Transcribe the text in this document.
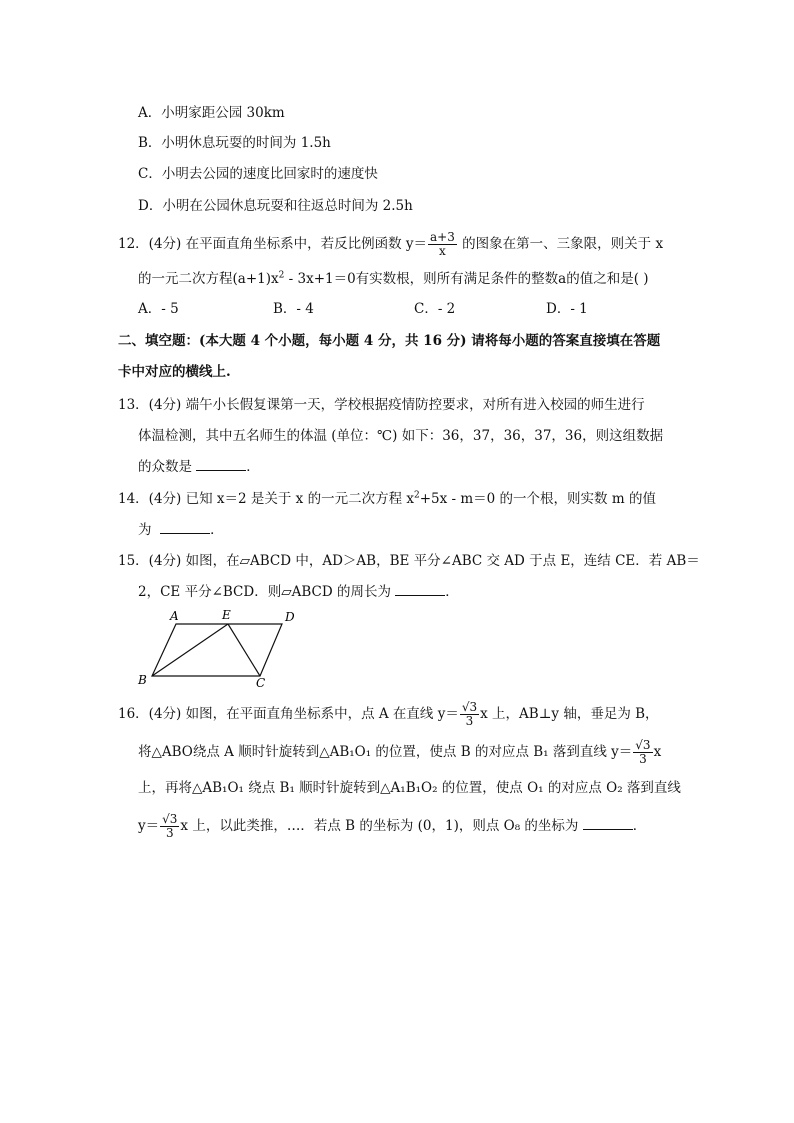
A．小明家距公园 30km
B．小明休息玩耍的时间为 1.5h
C．小明去公园的速度比回家时的速度快
D．小明在公园休息玩耍和往返总时间为 2.5h
12．(4分) 在平面直角坐标系中，若反比例函数 $y= \frac{a+3}{x}$ 的图象在第一、三象限，则关于 x
的一元二次方程$(a+1)x^2 - 3x+1=0$有实数根，则所有满足条件的整数a的值之和是( )
A．- 5	B．- 4	C．- 2	D．- 1
二、填空题：(本大题 4 个小题，每小题 4 分，共 16 分) 请将每小题的答案直接填在答题
卡中对应的横线上.
13．(4分) 端午小长假复课第一天，学校根据疫情防控要求，对所有进入校园的师生进行
体温检测，其中五名师生的体温 (单位：℃) 如下：36，37，36，37，36，则这组数据
的众数是	．
14．(4分) 已知 x＝2 是关于 x 的一元二次方程 $x^2+5x - m=0$ 的一个根，则实数 m 的值
为	．
15．(4分) 如图，在▱ABCD 中，AD＞AB，BE 平分∠ABC 交 AD 于点 E，连结 CE．若 AB＝
2，CE 平分∠BCD．则▱ABCD 的周长为	．
A	E	D
B	C
16．(4分) 如图，在平面直角坐标系中，点 A 在直线 $y= \frac{√3}{3}$ x 上，AB⊥y 轴，垂足为 B，
将△ABO绕点 A 顺时针旋转到△AB₁O₁ 的位置，使点 B 的对应点 B₁ 落到直线 $y= \frac{√3}{3}$ x
上，再将△AB₁O₁ 绕点 B₁ 顺时针旋转到△A₁B₁O₂ 的位置，使点 O₁ 的对应点 O₂ 落到直线
$y= \frac{√3}{3}$ x 上，以此类推，…．若点 B 的坐标为 (0，1)，则点 O₈ 的坐标为	．
